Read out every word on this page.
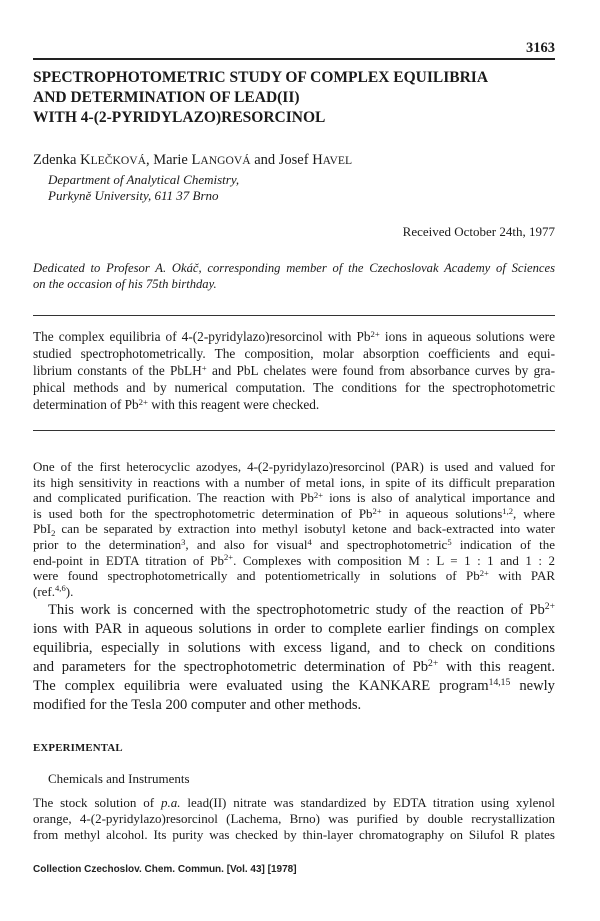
3163
SPECTROPHOTOMETRIC STUDY OF COMPLEX EQUILIBRIA
AND DETERMINATION OF LEAD(II)
WITH 4-(2-PYRIDYLAZO)RESORCINOL
Zdenka KLEČKOVÁ, Marie LANGOVÁ and Josef HAVEL
Department of Analytical Chemistry,
Purkyně University, 611 37 Brno
Received October 24th, 1977
Dedicated to Profesor A. Okáč, corresponding member of the Czechoslovak Academy of Sciences
on the occasion of his 75th birthday.
The complex equilibria of 4-(2-pyridylazo)resorcinol with $Pb^{2+}$ ions in aqueous solutions were
studied spectrophotometrically. The composition, molar absorption coefficients and equi-
librium constants of the PbLH+ and PbL chelates were found from absorbance curves by gra-
phical methods and by numerical computation. The conditions for the spectrophotometric
determination of $Pb^{2+}$ with this reagent were checked.
One of the first heterocyclic azodyes, 4-(2-pyridylazo)resorcinol (PAR) is used and valued for
its high sensitivity in reactions with a number of metal ions, in spite of its difficult preparation
and complicated purification. The reaction with $Pb^{2+}$ ions is also of analytical importance and
is used both for the spectrophotometric determination of $Pb^{2+}$ in aqueous solutions$^{1,2}$, where
PbI2 can be separated by extraction into methyl isobutyl ketone and back-extracted into water
prior to the determination$^3$, and also for visual$^4$ and spectrophotometric$^5$ indication of the
end-point in EDTA titration of $Pb^{2+}$. Complexes with composition M : L = 1 : 1 and 1 : 2
were found spectrophotometrically and potentiometrically in solutions of $Pb^{2+}$ with PAR
(ref.$^{4,6}$).
This work is concerned with the spectrophotometric study of the reaction of $Pb^{2+}$
ions with PAR in aqueous solutions in order to complete earlier findings on complex
equilibria, especially in solutions with excess ligand, and to check on conditions
and parameters for the spectrophotometric determination of $Pb^{2+}$ with this reagent.
The complex equilibria were evaluated using the KANKARE program$^{14,15}$ newly
modified for the Tesla 200 computer and other methods.
EXPERIMENTAL
Chemicals and Instruments
The stock solution of p.a. lead(II) nitrate was standardized by EDTA titration using xylenol
orange, 4-(2-pyridylazo)resorcinol (Lachema, Brno) was purified by double recrystallization
from methyl alcohol. Its purity was checked by thin-layer chromatography on Silufol R plates
Collection Czechoslov. Chem. Commun. [Vol. 43] [1978]
